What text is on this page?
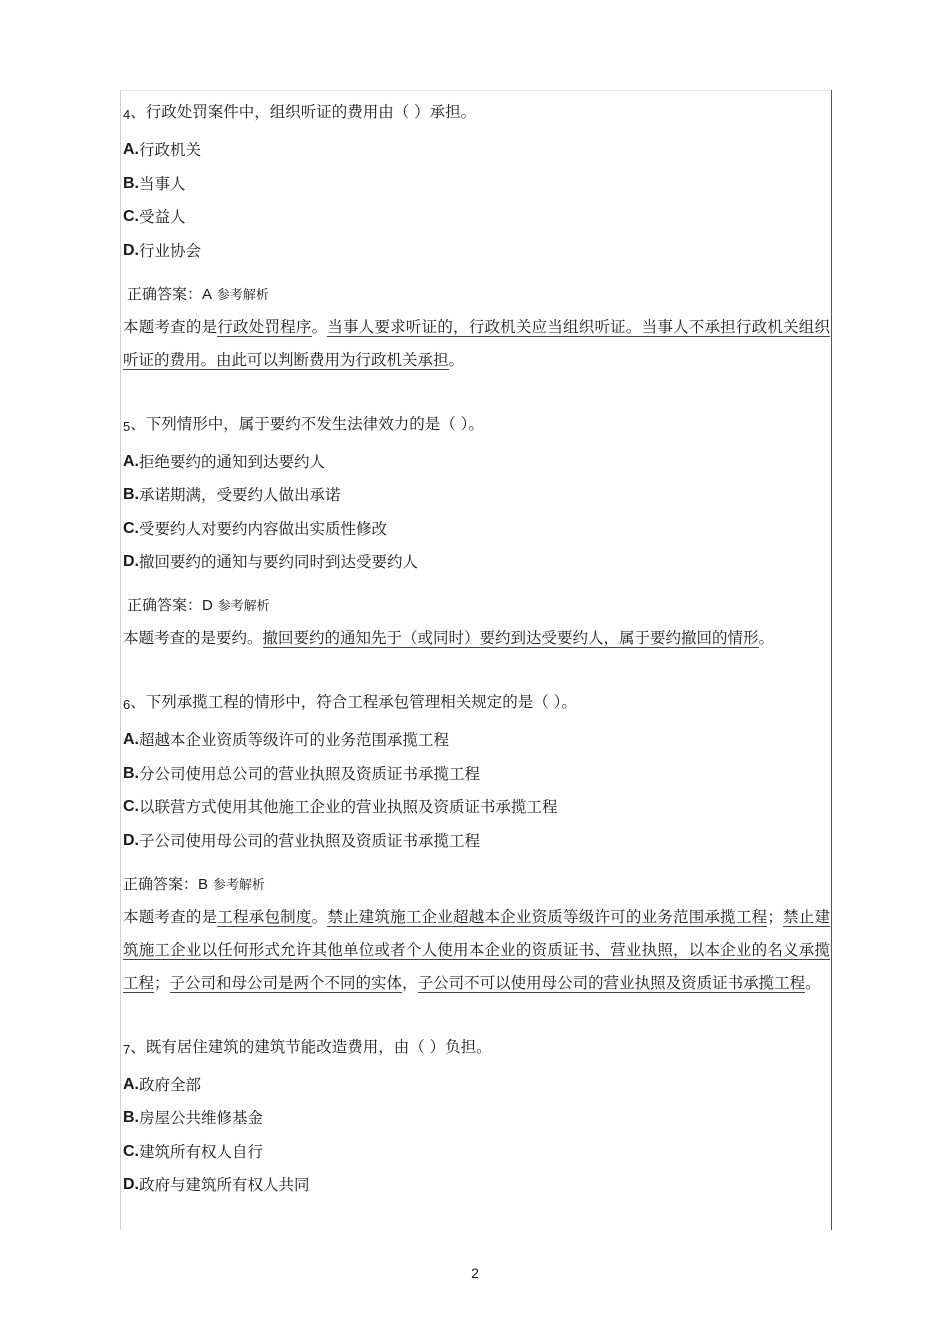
4、行政处罚案件中，组织听证的费用由（ ）承担。
A.行政机关
B.当事人
C.受益人
D.行业协会
正确答案：A 参考解析
本题考查的是行政处罚程序。当事人要求听证的，行政机关应当组织听证。当事人不承担行政机关组织听证的费用。由此可以判断费用为行政机关承担。
5、下列情形中，属于要约不发生法律效力的是（ ）。
A.拒绝要约的通知到达要约人
B.承诺期满，受要约人做出承诺
C.受要约人对要约内容做出实质性修改
D.撤回要约的通知与要约同时到达受要约人
正确答案：D 参考解析
本题考查的是要约。撤回要约的通知先于（或同时）要约到达受要约人，属于要约撤回的情形。
6、下列承揽工程的情形中，符合工程承包管理相关规定的是（ ）。
A.超越本企业资质等级许可的业务范围承揽工程
B.分公司使用总公司的营业执照及资质证书承揽工程
C.以联营方式使用其他施工企业的营业执照及资质证书承揽工程
D.子公司使用母公司的营业执照及资质证书承揽工程
正确答案：B 参考解析
本题考查的是工程承包制度。禁止建筑施工企业超越本企业资质等级许可的业务范围承揽工程；禁止建筑施工企业以任何形式允许其他单位或者个人使用本企业的资质证书、营业执照，以本企业的名义承揽工程；子公司和母公司是两个不同的实体，子公司不可以使用母公司的营业执照及资质证书承揽工程。
7、既有居住建筑的建筑节能改造费用，由（ ）负担。
A.政府全部
B.房屋公共维修基金
C.建筑所有权人自行
D.政府与建筑所有权人共同
2
